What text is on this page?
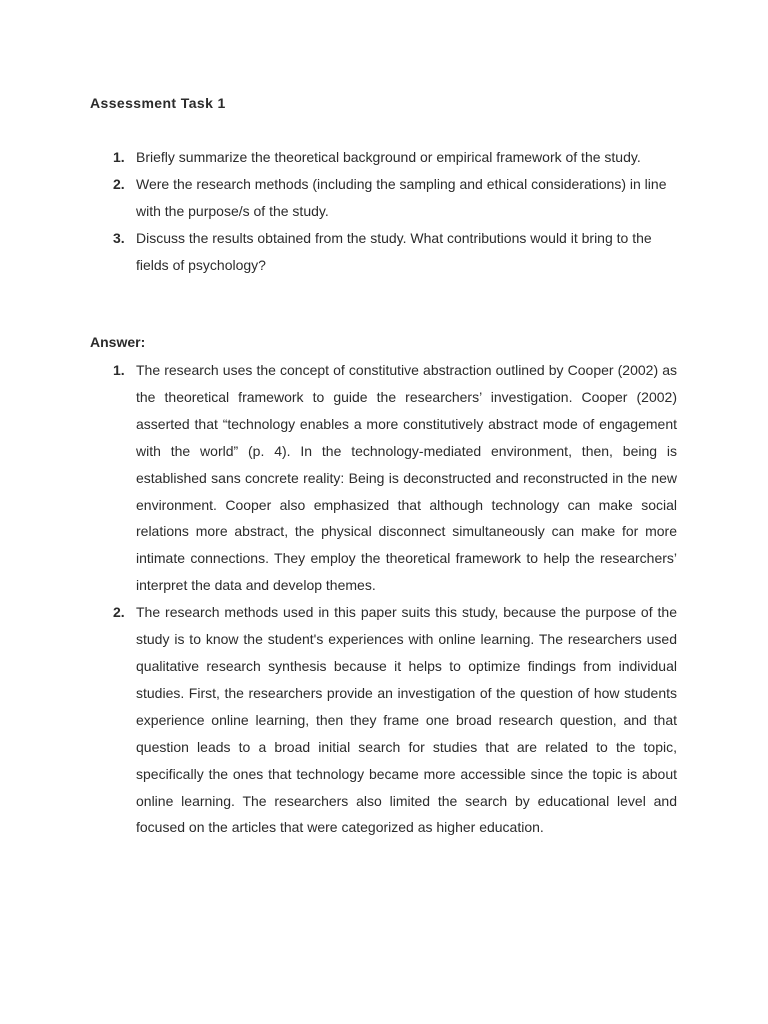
Assessment Task 1
1. Briefly summarize the theoretical background or empirical framework of the study.
2. Were the research methods (including the sampling and ethical considerations) in line with the purpose/s of the study.
3. Discuss the results obtained from the study. What contributions would it bring to the fields of psychology?
Answer:
1. The research uses the concept of constitutive abstraction outlined by Cooper (2002) as the theoretical framework to guide the researchers’ investigation. Cooper (2002) asserted that “technology enables a more constitutively abstract mode of engagement with the world” (p. 4). In the technology-mediated environment, then, being is established sans concrete reality: Being is deconstructed and reconstructed in the new environment. Cooper also emphasized that although technology can make social relations more abstract, the physical disconnect simultaneously can make for more intimate connections. They employ the theoretical framework to help the researchers’ interpret the data and develop themes.
2. The research methods used in this paper suits this study, because the purpose of the study is to know the student's experiences with online learning. The researchers used qualitative research synthesis because it helps to optimize findings from individual studies. First, the researchers provide an investigation of the question of how students experience online learning, then they frame one broad research question, and that question leads to a broad initial search for studies that are related to the topic, specifically the ones that technology became more accessible since the topic is about online learning. The researchers also limited the search by educational level and focused on the articles that were categorized as higher education.
